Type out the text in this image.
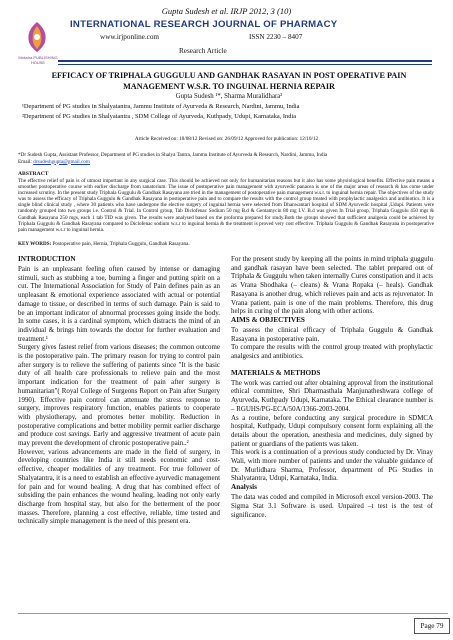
Gupta Sudesh et al. IRJP 2012, 3 (10)
Moksha PUBLISHING HOUSE
INTERNATIONAL RESEARCH JOURNAL OF PHARMACY
www.irjponline.com	ISSN 2230 – 8407
Research Article
EFFICACY OF TRIPHALA GUGGULU AND GANDHAK RASAYAN IN POST OPERATIVE PAIN
MANAGEMENT W.S.R. TO INGUINAL HERNIA REPAIR
Gupta Sudesh ¹*, Sharma Muralidhara²
¹Department of PG studies in Shalyatantra, Jammu Institute of Ayurveda & Research, Nardini, Jammu, India
²Department of PG studies in Shalyatantra , SDM College of Ayurveda, Kuthpady, Udupi, Karnataka, India
Article Received on: 18/08/12 Revised on: 26/09/12 Approved for publication: 12/10/12
*Dr Sudesh Gupta, Assistant Professor, Department of PG studies in Shalya Tantra, Jammu Institute of Ayurveda & Research, Nardini, Jammu, India
Email: drsudeshgupta@gmail.com
ABSTRACT
The effective relief of pain is of utmost important in any surgical case. This should be achieved not only for humanitarian reasons but it also has some physiological benefits. Effective pain means a smoother postoperative course with earlier discharge from sanatorium. The issue of postoperative pain management with ayurvedic panacea is one of the major areas of research & has come under increased scrutiny. In the present study Triphala Guggulu & Gandhak Rasayana are tried in the management of postoperative pain management w.s.r. to inguinal hernia repair. The objectives of the study was to assess the efficacy of Triphala Guggulu & Gandhak Rasayana in postoperative pain and to compare the results with the control group treated with prophylactic analgesics and antibiotics. It is a single blind clinical study , where 30 patients who have undergone the elective surgery of inguinal hernia were selected from Dhanwantari hospital of SDM Ayurvedic hospital ,Udupi. Patients were randomly grouped into two groups i.e. Control & Trial. In Control group, Tab Diclofenac Sodium 50 mg B.d & Gentamycin 80 mg I.V. B.d was given In Trial group, Triphala Guggulu 450 mgs & Gandhak Rasayana 250 mgs, each 1 tab TID was given. The results were analysed based on the proforma prepared for study.Both the groups showed that sufficient analgesia could be achieved by Triphala Guggulu & Gandhak Rasayana compared to Diclofenac sodium w.s.r to inguinal hernia & the treatment is proved very cost effective. Triphala Guggulu & Gandhak Rasayana in postoperative pain management w.s.r to inguinal hernia.
KEY WORDS: Postoperative pain, Hernia, Triphala Guggulu, Gandhak Rasayana.
INTRODUCTION

Pain is an unpleasant feeling often caused by intense or damaging stimuli, such as stubbing a toe, burning a finger and putting spirit on a cut. The International Association for Study of Pain defines pain as an unpleasant & emotional experience associated with actual or potential damage to tissue, or described in terms of such damage. Pain is said to be an important indicator of abnormal processes going inside the body. In some cases, it is a cardinal symptom, which distracts the mind of an individual & brings him towards the doctor for further evaluation and treatment.¹

Surgery gives fastest relief from various diseases; the common outcome is the postoperative pain. The primary reason for trying to control pain after surgery is to relieve the suffering of patients since "It is the basic duty of all health care professionals to relieve pain and the most important indication for the treatment of pain after surgery is humanitarian"( Royal College of Surgeons Report on Pain after Surgery 1990). Effective pain control can attenuate the stress response to surgery, improves respiratory function, enables patients to cooperate with physiotherapy, and promotes better mobility. Reduction in postoperative complications and better mobility permit earlier discharge and produce cost savings. Early and aggressive treatment of acute pain may prevent the development of chronic postoperative pain..²

However, various advancements are made in the field of surgery, in developing countries like India it still needs economic and cost-effective, cheaper modalities of any treatment. For true follower of Shalyatantra, it is a need to establish an effective ayurvedic management for pain and for wound healing. A drug that has combined effect of subsiding the pain enhances the wound healing, leading not only early discharge from hospital stay, but also for the betterment of the poor masses. Therefore, planning a cost effective, reliable, time tested and technically simple management is the need of this present era.

For the present study by keeping all the points in mind triphala guggulu and gandhak rasayan have been selected. The tablet prepared out of Triphala & Guggulu when taken internally Cures constipation and it acts as Vrana Shodhaka (– cleans) & Vrana Ropaka (– heals). Gandhak Rasayana is another drug, which relieves pain and acts as rejuvenator. In Vrana patient, pain is one of the main problems. Therefore, this drug helps in curing of the pain along with other actions.

AIMS & OBJECTIVES

To assess the clinical efficacy of Triphala Guggulu & Gandhak Rasayana in postoperative pain.

To compare the results with the control group treated with prophylactic analgesics and antibiotics.

MATERIALS & METHODS

The work was carried out after obtaining approval from the institutional ethical committee, Shri Dharmasthala Manjunatheshwara college of Ayurveda, Kuthpady Udupi, Karnataka. The Ethical clearance number is – RGUHS/PG-ECA/50A/1366-2003-2004.

As a routine, before conducting any surgical procedure in SDMCA hospital, Kuthpady, Udupi compulsory consent form explaining all the details about the operation, anesthesia and medicines, duly signed by patient or guardians of the patients was taken.

This work is a continuation of a previous study conducted by Dr. Vinay Wali, with more number of patients and under the valuable guidance of Dr. Murlidhara Sharma, Professor, department of PG Studies in Shalyatantra, Udupi, Karnataka, India.

Analysis

The data was coded and compiled in Microsoft excel version-2003. The Sigma Stat 3.1 Software is used. Unpaired –t test is the test of significance.

Page 79
